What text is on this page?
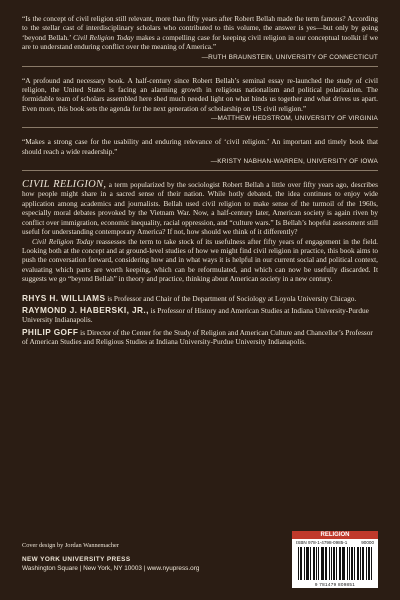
“Is the concept of civil religion still relevant, more than fifty years after Robert Bellah made the term famous? According to the stellar cast of interdisciplinary scholars who contributed to this volume, the answer is yes—but only by going ‘beyond Bellah.’ Civil Religion Today makes a compelling case for keeping civil religion in our conceptual toolkit if we are to understand enduring conflict over the meaning of America.”

—RUTH BRAUNSTEIN, UNIVERSITY OF CONNECTICUT

“A profound and necessary book. A half-century since Robert Bellah’s seminal essay re-launched the study of civil religion, the United States is facing an alarming growth in religious nationalism and political polarization. The formidable team of scholars assembled here shed much needed light on what binds us together and what drives us apart. Even more, this book sets the agenda for the next generation of scholarship on US civil religion.”

—MATTHEW HEDSTROM, UNIVERSITY OF VIRGINIA

“Makes a strong case for the usability and enduring relevance of ‘civil religion.’ An important and timely book that should reach a wide readership.”

—KRISTY NABHAN-WARREN, UNIVERSITY OF IOWA

CIVIL RELIGION, a term popularized by the sociologist Robert Bellah a little over fifty years ago, describes how people might share in a sacred sense of their nation. While hotly debated, the idea continues to enjoy wide application among academics and journalists. Bellah used civil religion to make sense of the turmoil of the 1960s, especially moral debates provoked by the Vietnam War. Now, a half-century later, American society is again riven by conflict over immigration, economic inequality, racial oppression, and “culture wars.” Is Bellah’s hopeful assessment still useful for understanding contemporary America? If not, how should we think of it differently?

Civil Religion Today reassesses the term to take stock of its usefulness after fifty years of engagement in the field. Looking both at the concept and at ground-level studies of how we might find civil religion in practice, this book aims to push the conversation forward, considering how and in what ways it is helpful in our current social and political context, evaluating which parts are worth keeping, which can be reformulated, and which can now be usefully discarded. It suggests we go “beyond Bellah” in theory and practice, thinking about American society in a new century.

RHYS H. WILLIAMS is Professor and Chair of the Department of Sociology at Loyola University Chicago.

RAYMOND J. HABERSKI, JR., is Professor of History and American Studies at Indiana University-Purdue University Indianapolis.

PHILIP GOFF is Director of the Center for the Study of Religion and American Culture and Chancellor’s Professor of American Studies and Religious Studies at Indiana University-Purdue University Indianapolis.

Cover design by Jordan Wannemacher
NEW YORK UNIVERSITY PRESS
Washington Square | New York, NY 10003 | www.nyupress.org
RELIGION
ISBN 978-1-4798-0985-1	90000
9 781479 809851
